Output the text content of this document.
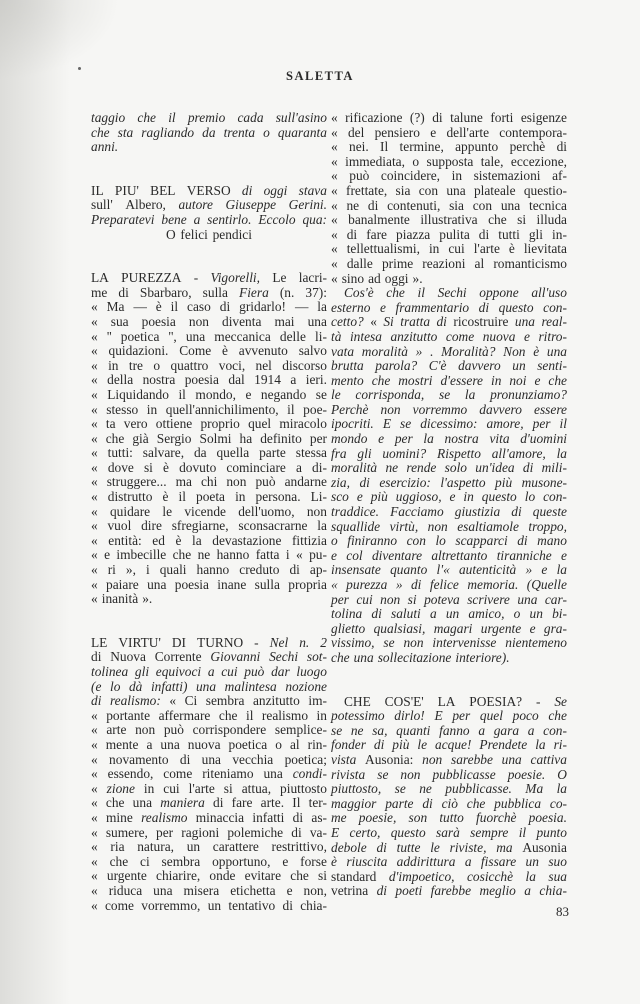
SALETTA
taggio che il premio cada sull'asino
che sta ragliando da trenta o quaranta
anni.
IL PIU' BEL VERSO di oggi stava
sull' Albero, autore Giuseppe Gerini.
Preparatevi bene a sentirlo. Eccolo qua:
O felici pendici
LA PUREZZA - Vigorelli, Le lacri-
me di Sbarbaro, sulla Fiera (n. 37):
« Ma — è il caso di gridarlo! — la
« sua poesia non diventa mai una
« '' poetica '', una meccanica delle li-
« quidazioni. Come è avvenuto salvo
« in tre o quattro voci, nel discorso
« della nostra poesia dal 1914 a ieri.
« Liquidando il mondo, e negando se
« stesso in quell'annichilimento, il poe-
« ta vero ottiene proprio quel miracolo
« che già Sergio Solmi ha definito per
« tutti: salvare, da quella parte stessa
« dove si è dovuto cominciare a di-
« struggere... ma chi non può andarne
« distrutto è il poeta in persona. Li-
« quidare le vicende dell'uomo, non
« vuol dire sfregiarne, sconsacrarne la
« entità: ed è la devastazione fittizia
« e imbecille che ne hanno fatta i « pu-
« ri », i quali hanno creduto di ap-
« paiare una poesia inane sulla propria
« inanità ».
LE VIRTU' DI TURNO - Nel n. 2
di Nuova Corrente Giovanni Sechi sot-
tolinea gli equivoci a cui può dar luogo
(e lo dà infatti) una malintesa nozione
di realismo: « Ci sembra anzitutto im-
« portante affermare che il realismo in
« arte non può corrispondere semplice-
« mente a una nuova poetica o al rin-
« novamento di una vecchia poetica;
« essendo, come riteniamo una condi-
« zione in cui l'arte si attua, piuttosto
« che una maniera di fare arte. Il ter-
« mine realismo minaccia infatti di as-
« sumere, per ragioni polemiche di va-
« ria natura, un carattere restrittivo,
« che ci sembra opportuno, e forse
« urgente chiarire, onde evitare che si
« riduca una misera etichetta e non,
« come vorremmo, un tentativo di chia-
« rificazione (?) di talune forti esigenze
« del pensiero e dell'arte contempora-
« nei. Il termine, appunto perchè di
« immediata, o supposta tale, eccezione,
« può coincidere, in sistemazioni af-
« frettate, sia con una plateale questio-
« ne di contenuti, sia con una tecnica
« banalmente illustrativa che si illuda
« di fare piazza pulita di tutti gli in-
« tellettualismi, in cui l'arte è lievitata
« dalle prime reazioni al romanticismo
« sino ad oggi ».
Cos'è che il Sechi oppone all'uso
esterno e frammentario di questo con-
cetto? « Si tratta di ricostruire una real-
tà intesa anzitutto come nuova e ritro-
vata moralità » . Moralità? Non è una
brutta parola? C'è davvero un senti-
mento che mostri d'essere in noi e che
le corrisponda, se la pronunziamo?
Perchè non vorremmo davvero essere
ipocriti. E se dicessimo: amore, per il
mondo e per la nostra vita d'uomini
fra gli uomini? Rispetto all'amore, la
moralità ne rende solo un'idea di mili-
zia, di esercizio: l'aspetto più musone-
sco e più uggioso, e in questo lo con-
traddice. Facciamo giustizia di queste
squallide virtù, non esaltiamole troppo,
o finiranno con lo scapparci di mano
e col diventare altrettanto tiranniche e
insensate quanto l'« autenticità » e la
« purezza » di felice memoria. (Quelle
per cui non si poteva scrivere una car-
tolina di saluti a un amico, o un bi-
glietto qualsiasi, magari urgente e gra-
vissimo, se non intervenisse nientemeno
che una sollecitazione interiore).
CHE COS'E' LA POESIA? - Se
potessimo dirlo! E per quel poco che
se ne sa, quanti fanno a gara a con-
fonder di più le acque! Prendete la ri-
vista Ausonia: non sarebbe una cattiva
rivista se non pubblicasse poesie. O
piuttosto, se ne pubblicasse. Ma la
maggior parte di ciò che pubblica co-
me poesie, son tutto fuorchè poesia.
E certo, questo sarà sempre il punto
debole di tutte le riviste, ma Ausonia
è riuscita addirittura a fissare un suo
standard d'impoetico, cosicchè la sua
vetrina di poeti farebbe meglio a chia-
83
